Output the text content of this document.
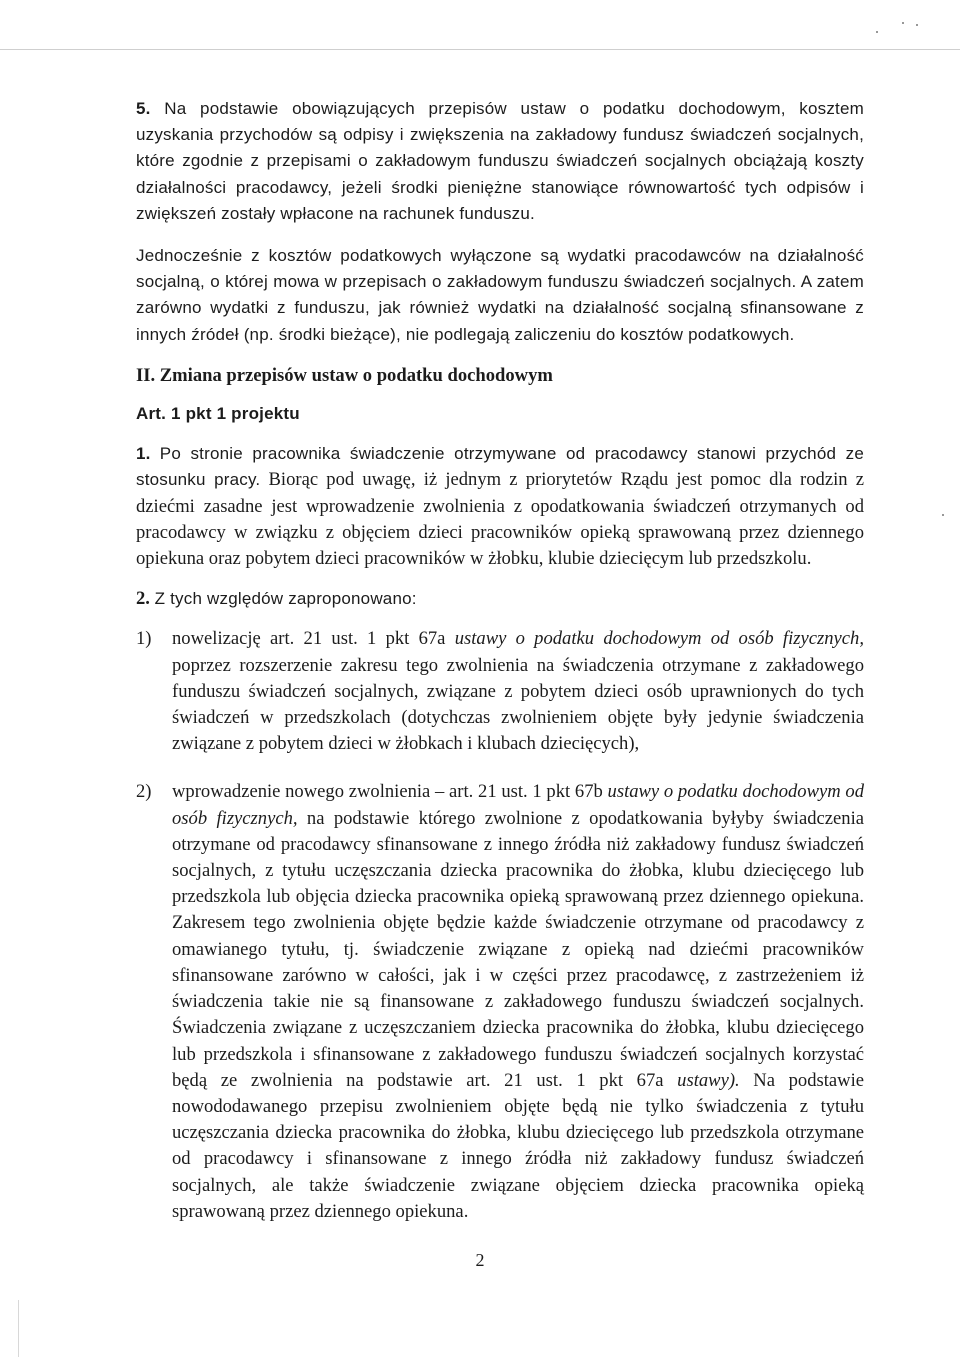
5. Na podstawie obowiązujących przepisów ustaw o podatku dochodowym, kosztem uzyskania przychodów są odpisy i zwiększenia na zakładowy fundusz świadczeń socjalnych, które zgodnie z przepisami o zakładowym funduszu świadczeń socjalnych obciążają koszty działalności pracodawcy, jeżeli środki pieniężne stanowiące równowartość tych odpisów i zwiększeń zostały wpłacone na rachunek funduszu.

Jednocześnie z kosztów podatkowych wyłączone są wydatki pracodawców na działalność socjalną, o której mowa w przepisach o zakładowym funduszu świadczeń socjalnych. A zatem zarówno wydatki z funduszu, jak również wydatki na działalność socjalną sfinansowane z innych źródeł (np. środki bieżące), nie podlegają zaliczeniu do kosztów podatkowych.

II. Zmiana przepisów ustaw o podatku dochodowym

Art. 1 pkt 1 projektu

1. Po stronie pracownika świadczenie otrzymywane od pracodawcy stanowi przychód ze stosunku pracy. Biorąc pod uwagę, iż jednym z priorytetów Rządu jest pomoc dla rodzin z dziećmi zasadne jest wprowadzenie zwolnienia z opodatkowania świadczeń otrzymanych od pracodawcy w związku z objęciem dzieci pracowników opieką sprawowaną przez dziennego opiekuna oraz pobytem dzieci pracowników w żłobku, klubie dziecięcym lub przedszkolu.

2. Z tych względów zaproponowano:

1)	nowelizację art. 21 ust. 1 pkt 67a ustawy o podatku dochodowym od osób fizycznych, poprzez rozszerzenie zakresu tego zwolnienia na świadczenia otrzymane z zakładowego funduszu świadczeń socjalnych, związane z pobytem dzieci osób uprawnionych do tych świadczeń w przedszkolach (dotychczas zwolnieniem objęte były jedynie świadczenia związane z pobytem dzieci w żłobkach i klubach dziecięcych),

2)	wprowadzenie nowego zwolnienia – art. 21 ust. 1 pkt 67b ustawy o podatku dochodowym od osób fizycznych, na podstawie którego zwolnione z opodatkowania byłyby świadczenia otrzymane od pracodawcy sfinansowane z innego źródła niż zakładowy fundusz świadczeń socjalnych, z tytułu uczęszczania dziecka pracownika do żłobka, klubu dziecięcego lub przedszkola lub objęcia dziecka pracownika opieką sprawowaną przez dziennego opiekuna. Zakresem tego zwolnienia objęte będzie każde świadczenie otrzymane od pracodawcy z omawianego tytułu, tj. świadczenie związane z opieką nad dziećmi pracowników sfinansowane zarówno w całości, jak i w części przez pracodawcę, z zastrzeżeniem iż świadczenia takie nie są finansowane z zakładowego funduszu świadczeń socjalnych. Świadczenia związane z uczęszczaniem dziecka pracownika do żłobka, klubu dziecięcego lub przedszkola i sfinansowane z zakładowego funduszu świadczeń socjalnych korzystać będą ze zwolnienia na podstawie art. 21 ust. 1 pkt 67a ustawy). Na podstawie nowododawanego przepisu zwolnieniem objęte będą nie tylko świadczenia z tytułu uczęszczania dziecka pracownika do żłobka, klubu dziecięcego lub przedszkola otrzymane od pracodawcy i sfinansowane z innego źródła niż zakładowy fundusz świadczeń socjalnych, ale także świadczenie związane objęciem dziecka pracownika opieką sprawowaną przez dziennego opiekuna.

2
